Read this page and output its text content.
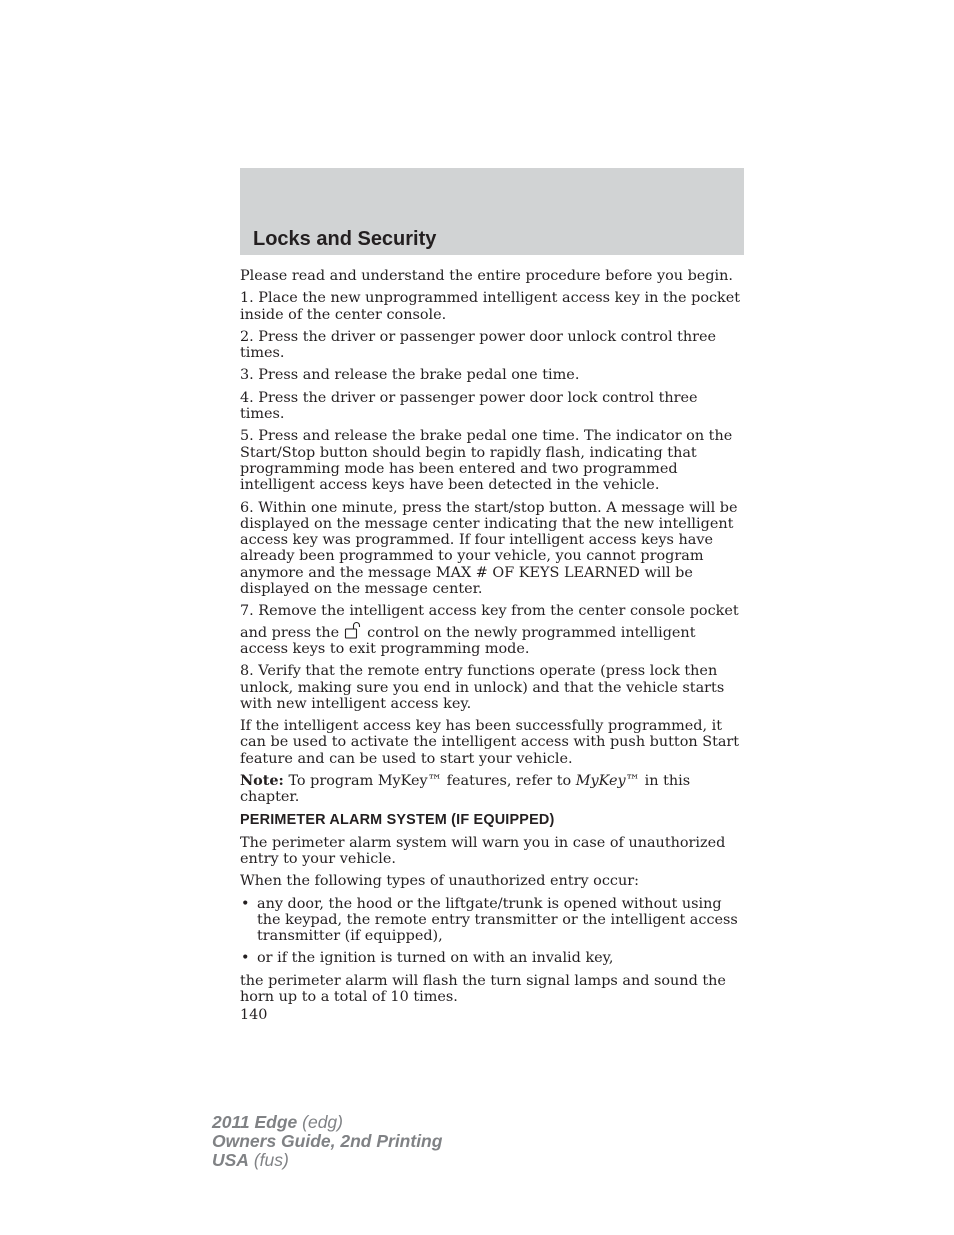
Locks and Security

Please read and understand the entire procedure before you begin.

1. Place the new unprogrammed intelligent access key in the pocket inside of the center console.

2. Press the driver or passenger power door unlock control three times.

3. Press and release the brake pedal one time.

4. Press the driver or passenger power door lock control three times.

5. Press and release the brake pedal one time. The indicator on the Start/Stop button should begin to rapidly flash, indicating that programming mode has been entered and two programmed intelligent access keys have been detected in the vehicle.

6. Within one minute, press the start/stop button. A message will be displayed on the message center indicating that the new intelligent access key was programmed. If four intelligent access keys have already been programmed to your vehicle, you cannot program anymore and the message MAX # OF KEYS LEARNED will be displayed on the message center.

7. Remove the intelligent access key from the center console pocket and press the control on the newly programmed intelligent access keys to exit programming mode.

8. Verify that the remote entry functions operate (press lock then unlock, making sure you end in unlock) and that the vehicle starts with new intelligent access key.

If the intelligent access key has been successfully programmed, it can be used to activate the intelligent access with push button Start feature and can be used to start your vehicle.

Note: To program MyKey™ features, refer to MyKey™ in this chapter.

PERIMETER ALARM SYSTEM (IF EQUIPPED)

The perimeter alarm system will warn you in case of unauthorized entry to your vehicle.

When the following types of unauthorized entry occur:

• any door, the hood or the liftgate/trunk is opened without using the keypad, the remote entry transmitter or the intelligent access transmitter (if equipped),
• or if the ignition is turned on with an invalid key,

the perimeter alarm will flash the turn signal lamps and sound the horn up to a total of 10 times.

140
2011 Edge (edg)
Owners Guide, 2nd Printing
USA (fus)
